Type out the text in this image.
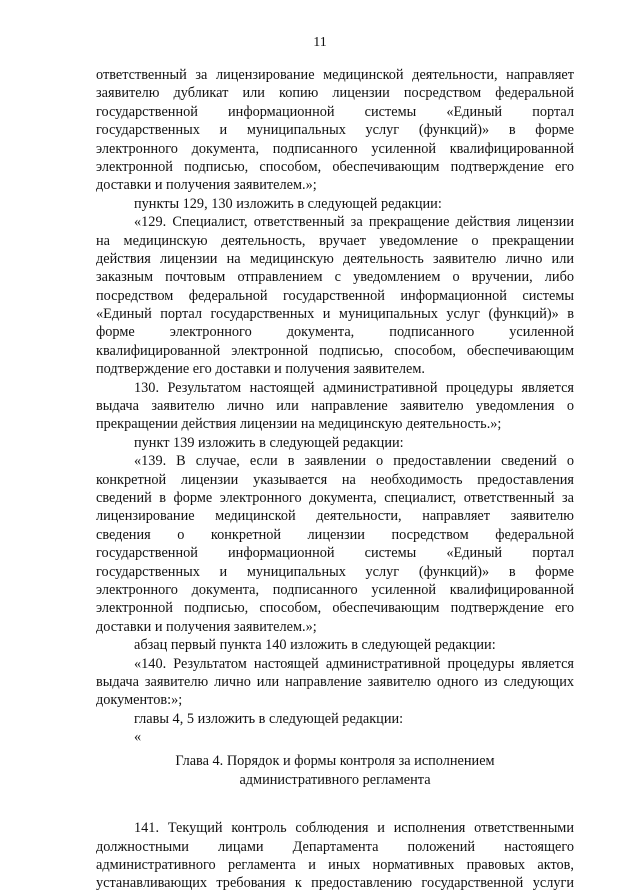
11
ответственный за лицензирование медицинской деятельности, направляет
заявителю дубликат или копию лицензии посредством федеральной
государственной информационной системы «Единый портал
государственных и муниципальных услуг (функций)» в форме
электронного документа, подписанного усиленной квалифицированной
электронной подписью, способом, обеспечивающим подтверждение его
доставки и получения заявителем.»;
пункты 129, 130 изложить в следующей редакции:
«129. Специалист, ответственный за прекращение действия лицензии
на медицинскую деятельность, вручает уведомление о прекращении
действия лицензии на медицинскую деятельность заявителю лично или
заказным почтовым отправлением с уведомлением о вручении, либо
посредством федеральной государственной информационной системы
«Единый портал государственных и муниципальных услуг (функций)» в
форме электронного документа, подписанного усиленной
квалифицированной электронной подписью, способом, обеспечивающим
подтверждение его доставки и получения заявителем.
130. Результатом настоящей административной процедуры является
выдача заявителю лично или направление заявителю уведомления о
прекращении действия лицензии на медицинскую деятельность.»;
пункт 139 изложить в следующей редакции:
«139. В случае, если в заявлении о предоставлении сведений о
конкретной лицензии указывается на необходимость предоставления
сведений в форме электронного документа, специалист, ответственный за
лицензирование медицинской деятельности, направляет заявителю
сведения о конкретной лицензии посредством федеральной
государственной информационной системы «Единый портал
государственных и муниципальных услуг (функций)» в форме
электронного документа, подписанного усиленной квалифицированной
электронной подписью, способом, обеспечивающим подтверждение его
доставки и получения заявителем.»;
абзац первый пункта 140 изложить в следующей редакции:
«140. Результатом настоящей административной процедуры является
выдача заявителю лично или направление заявителю одного из следующих
документов:»;
главы 4, 5 изложить в следующей редакции:
«
Глава 4. Порядок и формы контроля за исполнением
административного регламента
141. Текущий контроль соблюдения и исполнения ответственными
должностными лицами Департамента положений настоящего
административного регламента и иных нормативных правовых актов,
устанавливающих требования к предоставлению государственной услуги
